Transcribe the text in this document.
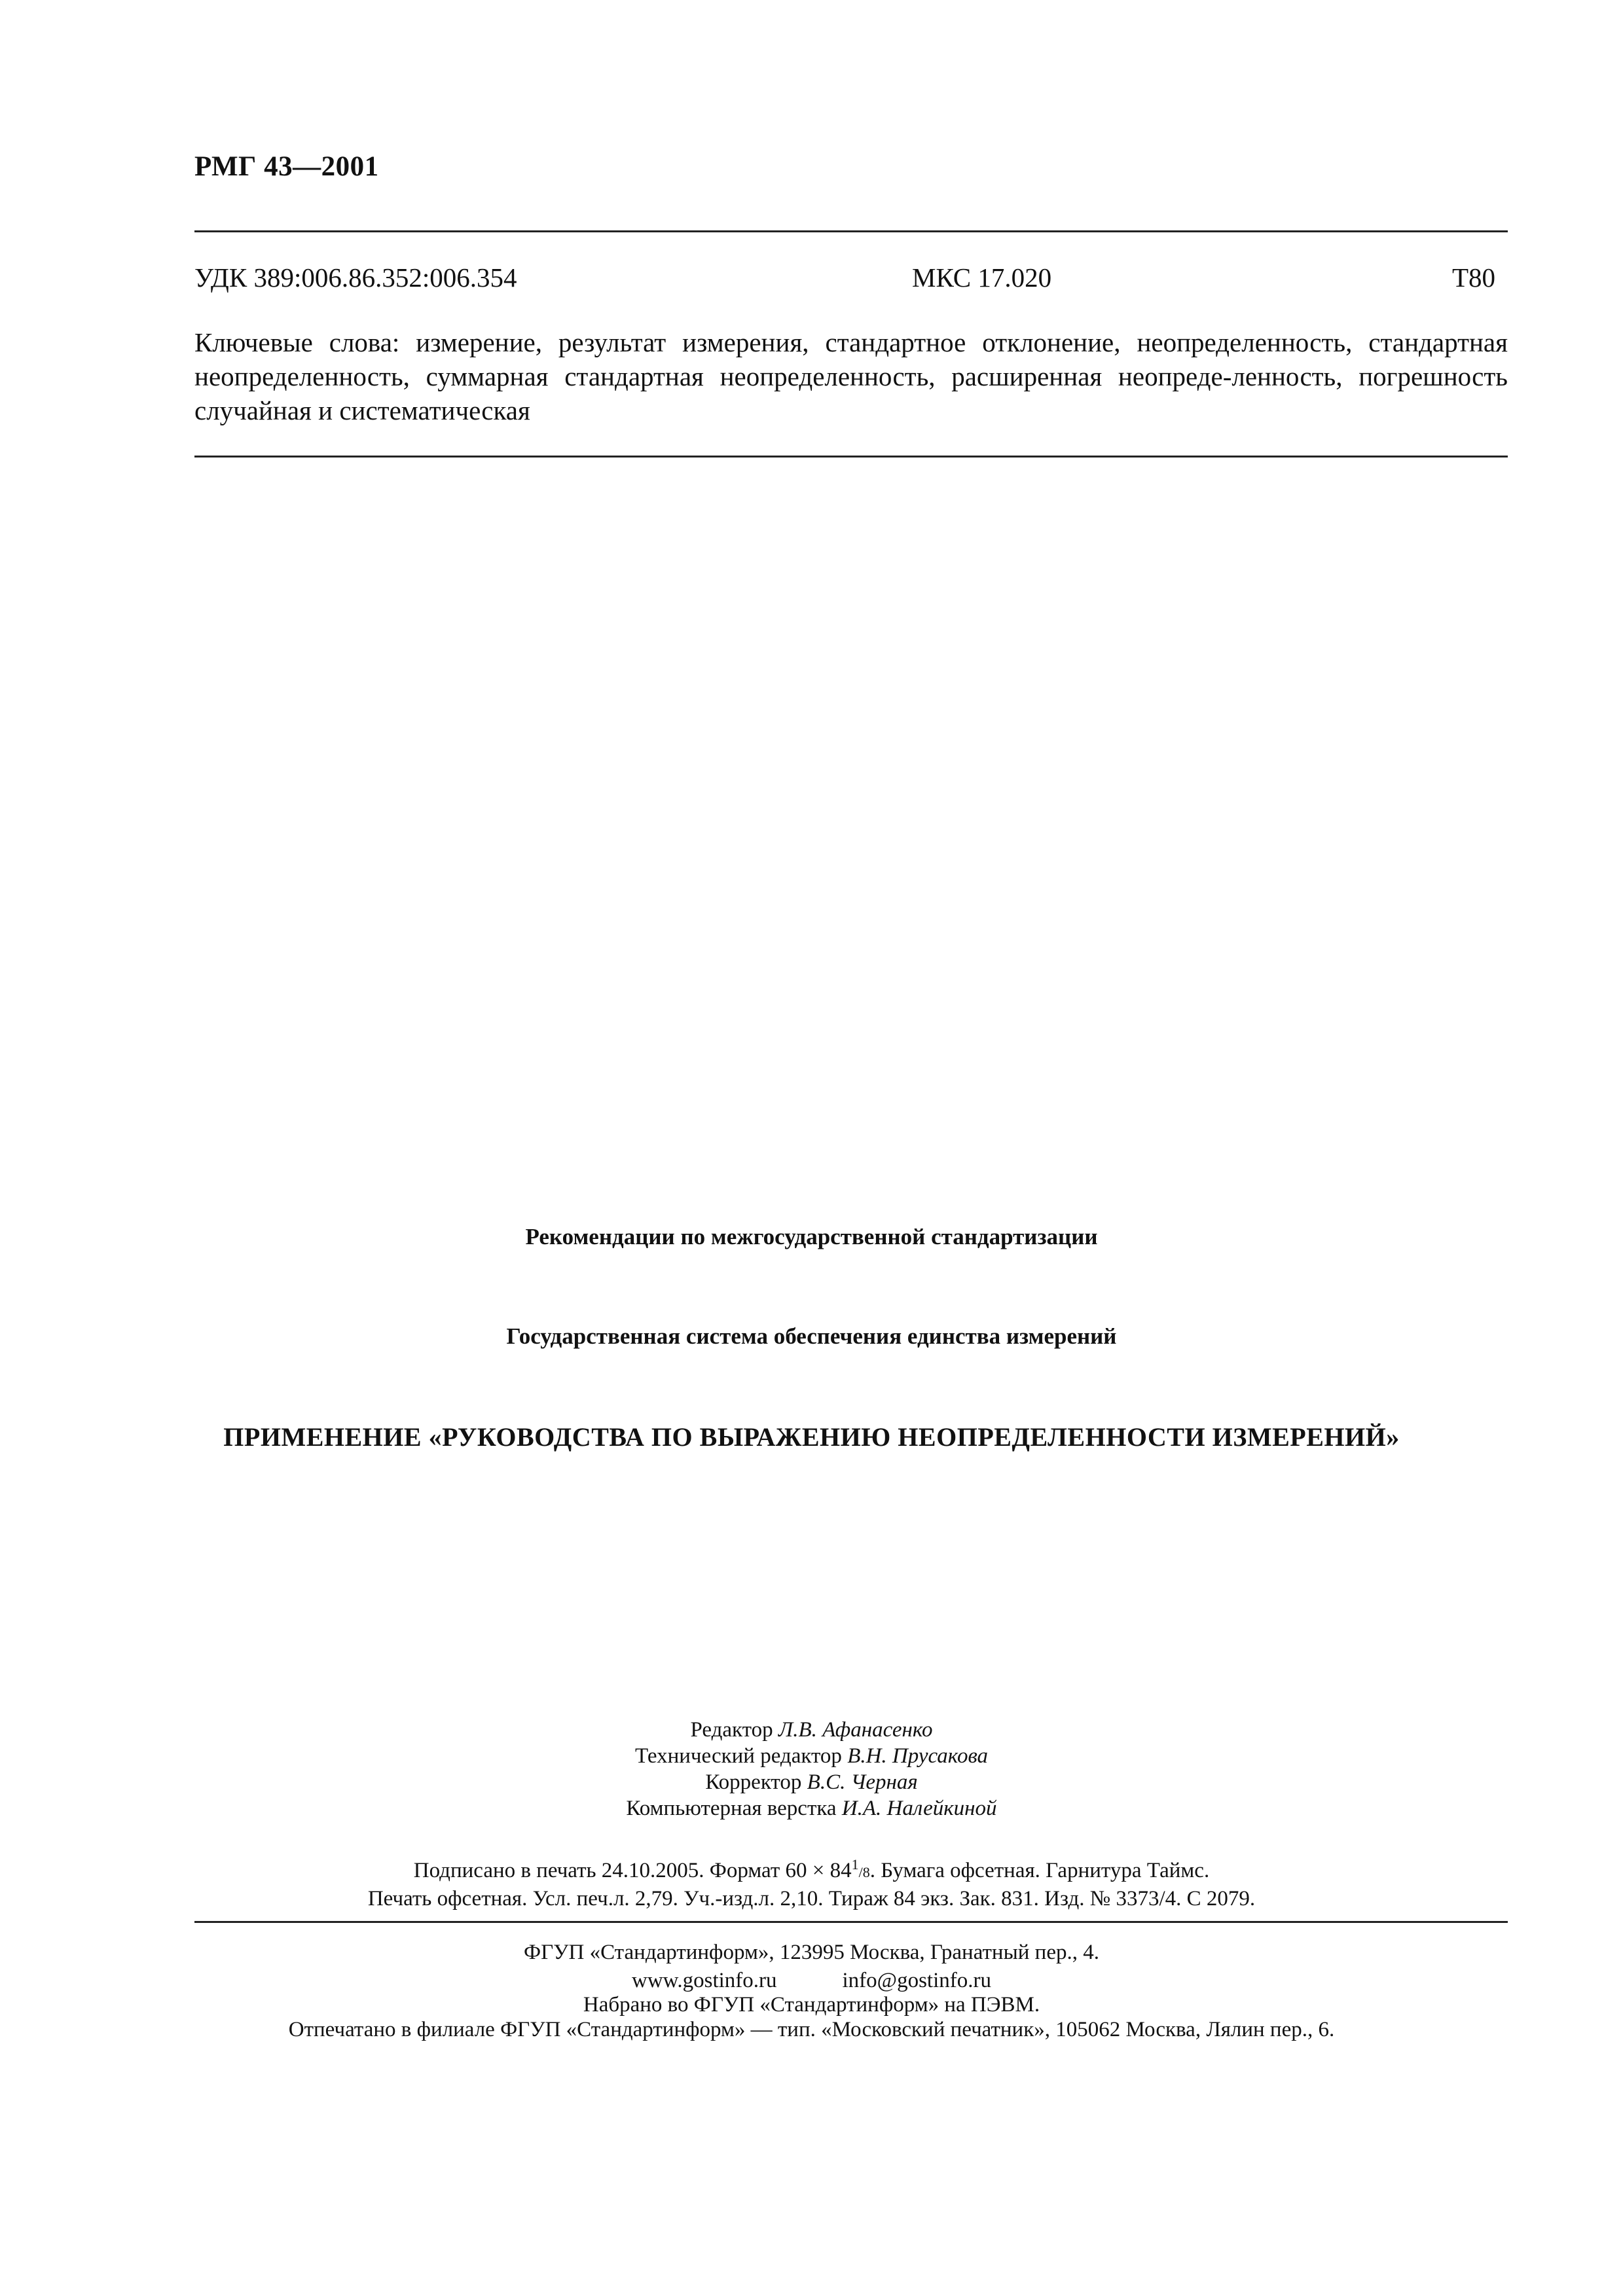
РМГ 43—2001
УДК 389:006.86.352:006.354	МКС 17.020	Т80
Ключевые слова: измерение, результат измерения, стандартное отклонение, неопределенность, стандартная неопределенность, суммарная стандартная неопределенность, расширенная неопреде-ленность, погрешность случайная и систематическая
Рекомендации по межгосударственной стандартизации
Государственная система обеспечения единства измерений
ПРИМЕНЕНИЕ «РУКОВОДСТВА ПО ВЫРАЖЕНИЮ НЕОПРЕДЕЛЕННОСТИ ИЗМЕРЕНИЙ»
Редактор Л.В. Афанасенко
Технический редактор В.Н. Прусакова
Корректор В.С. Черная
Компьютерная верстка И.А. Налейкиной
Подписано в печать 24.10.2005. Формат $60 \times 84^1/8$. Бумага офсетная. Гарнитура Таймс.
Печать офсетная. Усл. печ.л. 2,79. Уч.-изд.л. 2,10. Тираж 84 экз. Зак. 831. Изд. № 3373/4. С 2079.
ФГУП «Стандартинформ», 123995 Москва, Гранатный пер., 4.
www.gostinfo.ru	info@gostinfo.ru
Набрано во ФГУП «Стандартинформ» на ПЭВМ.
Отпечатано в филиале ФГУП «Стандартинформ» — тип. «Московский печатник», 105062 Москва, Лялин пер., 6.
